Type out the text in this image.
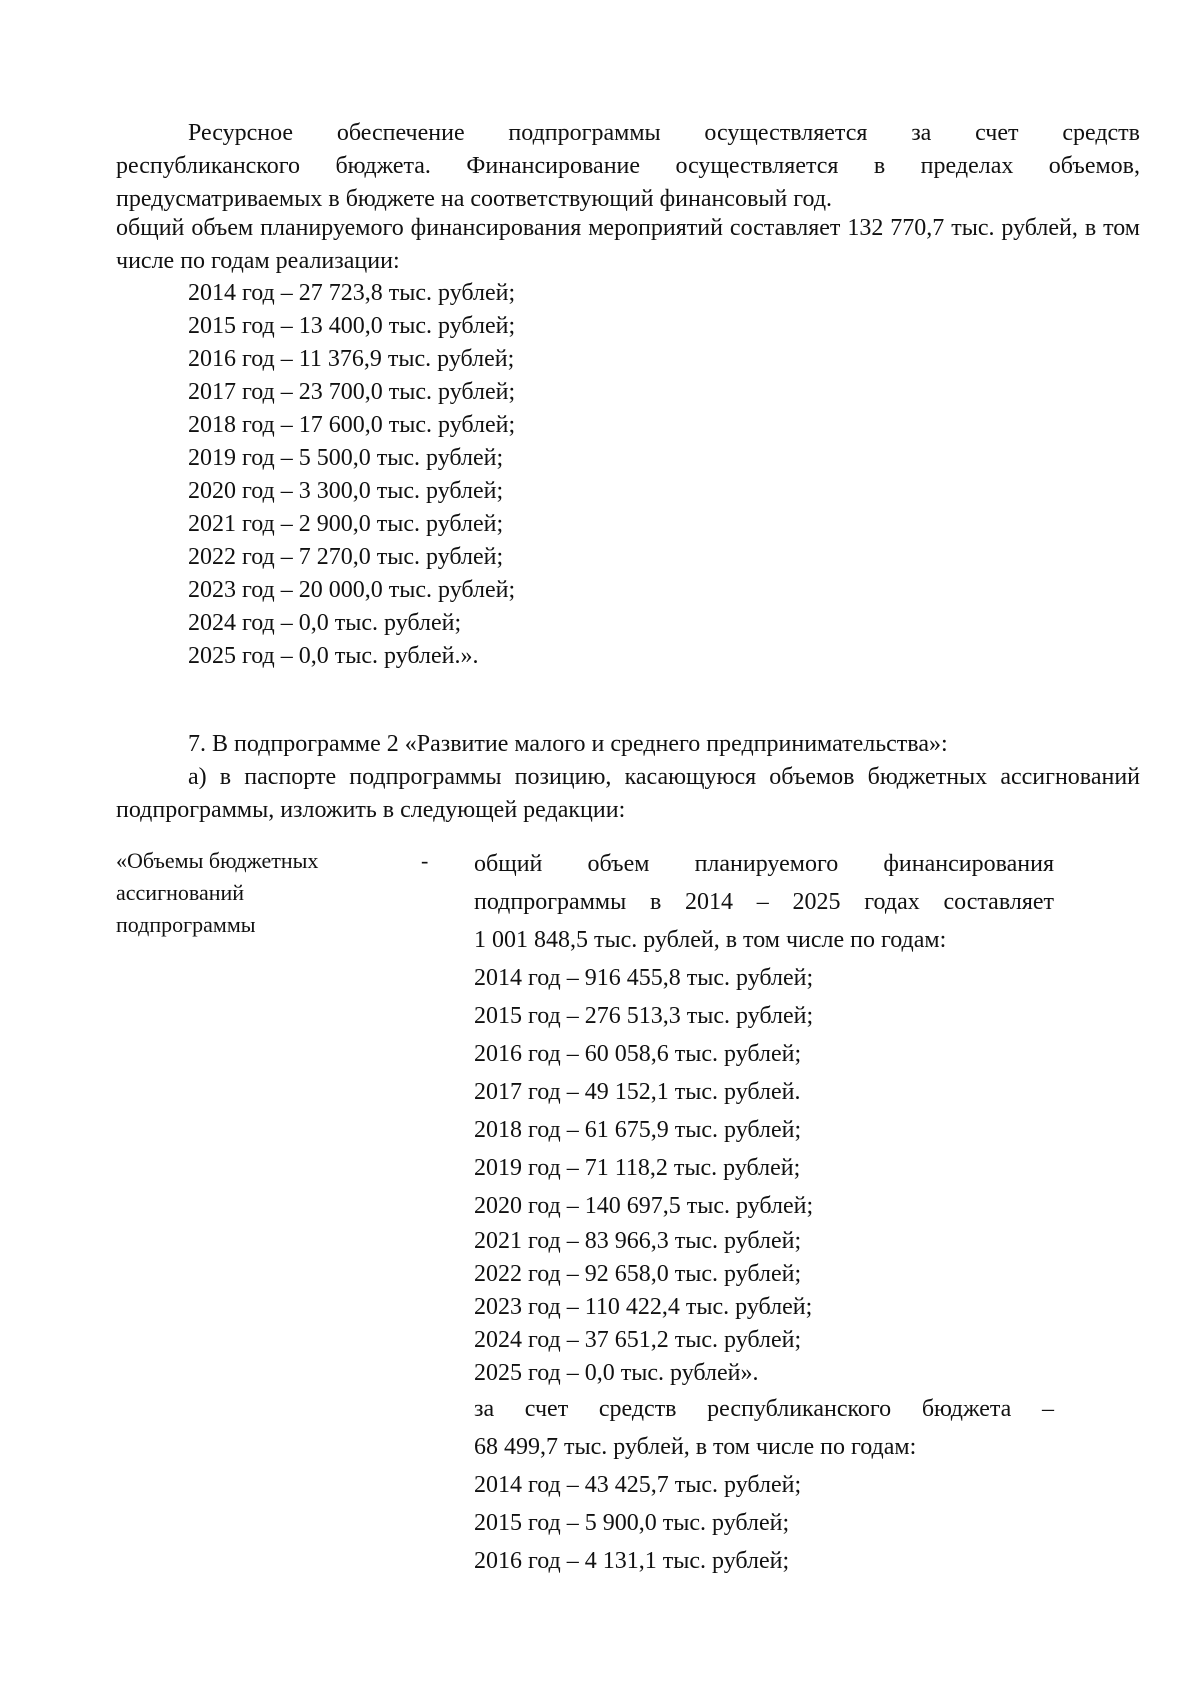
Ресурсное обеспечение подпрограммы осуществляется за счет средств

республиканского бюджета. Финансирование осуществляется в пределах объемов, предусматриваемых в бюджете на соответствующий финансовый год.

общий объем планируемого финансирования мероприятий составляет 132 770,7 тыс. рублей, в том числе по годам реализации:

2014 год – 27 723,8 тыс. рублей;
2015 год – 13 400,0 тыс. рублей;
2016 год – 11 376,9 тыс. рублей;
2017 год – 23 700,0 тыс. рублей;
2018 год – 17 600,0 тыс. рублей;
2019 год – 5 500,0 тыс. рублей;
2020 год – 3 300,0 тыс. рублей;
2021 год – 2 900,0 тыс. рублей;
2022 год – 7 270,0 тыс. рублей;
2023 год – 20 000,0 тыс. рублей;
2024 год – 0,0 тыс. рублей;
2025 год – 0,0 тыс. рублей.».

7. В подпрограмме 2 «Развитие малого и среднего предпринимательства»:

а) в паспорте подпрограммы позицию, касающуюся объемов бюджетных ассигнований подпрограммы, изложить в следующей редакции:

«Объемы бюджетных
ассигнований
подпрограммы

- общий объем планируемого финансирования
подпрограммы в 2014 – 2025 годах составляет
1 001 848,5 тыс. рублей, в том числе по годам:
2014 год – 916 455,8 тыс. рублей;
2015 год – 276 513,3 тыс. рублей;
2016 год – 60 058,6 тыс. рублей;
2017 год – 49 152,1 тыс. рублей.
2018 год – 61 675,9 тыс. рублей;
2019 год – 71 118,2 тыс. рублей;
2020 год – 140 697,5 тыс. рублей;
2021 год – 83 966,3 тыс. рублей;
2022 год – 92 658,0 тыс. рублей;
2023 год – 110 422,4 тыс. рублей;
2024 год – 37 651,2 тыс. рублей;
2025 год – 0,0 тыс. рублей».
за счет средств республиканского бюджета –
68 499,7 тыс. рублей, в том числе по годам:
2014 год – 43 425,7 тыс. рублей;
2015 год – 5 900,0 тыс. рублей;
2016 год – 4 131,1 тыс. рублей;
